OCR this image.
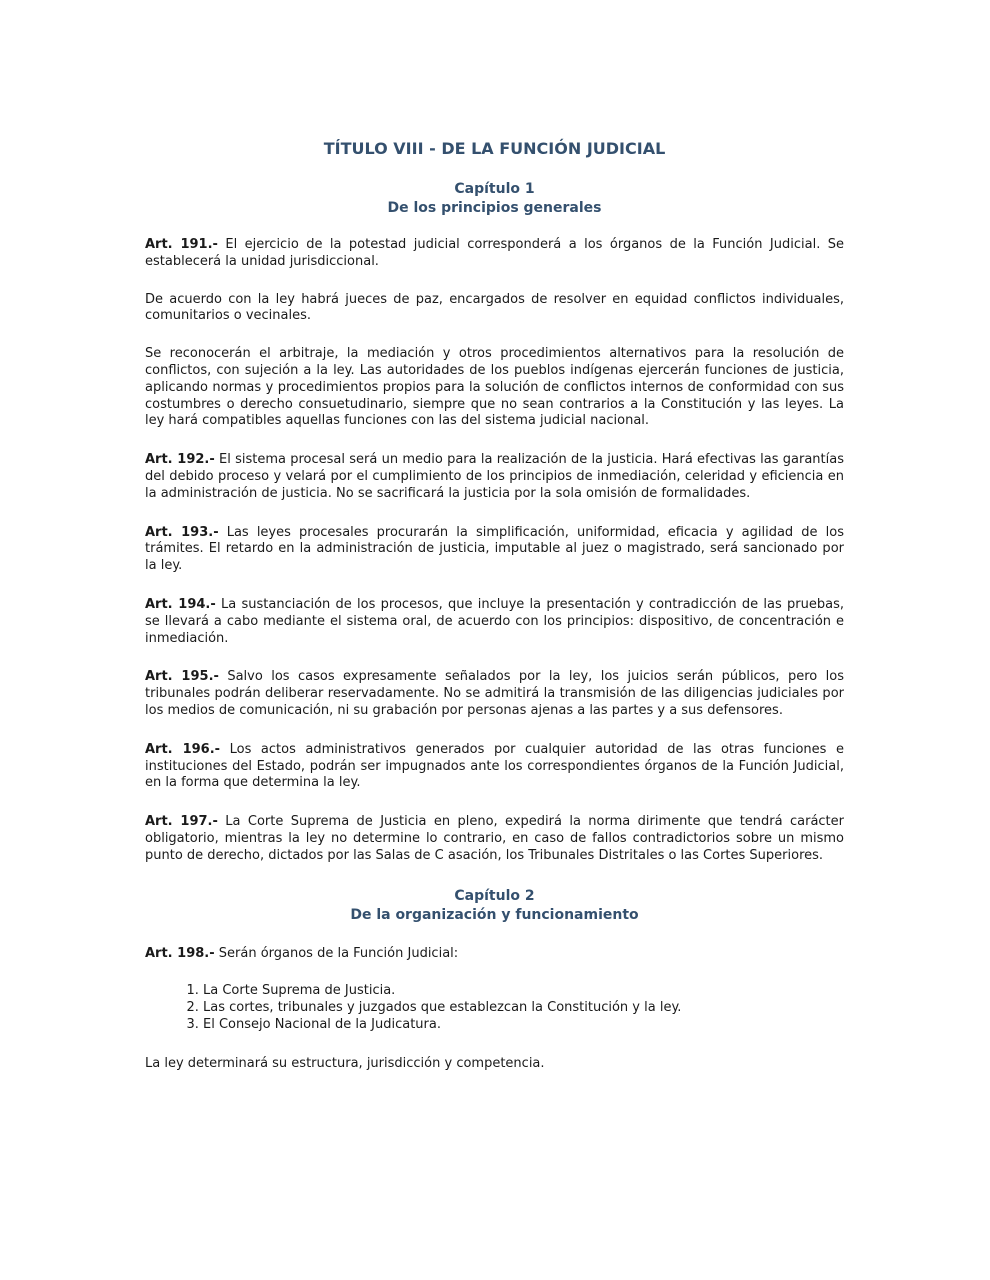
TÍTULO VIII - DE LA FUNCIÓN JUDICIAL
Capítulo 1
De los principios generales

Art. 191.- El ejercicio de la potestad judicial corresponderá a los órganos de la Función Judicial. Se establecerá la unidad jurisdiccional.

De acuerdo con la ley habrá jueces de paz, encargados de resolver en equidad conflictos individuales, comunitarios o vecinales.

Se reconocerán el arbitraje, la mediación y otros procedimientos alternativos para la resolución de conflictos, con sujeción a la ley. Las autoridades de los pueblos indígenas ejercerán funciones de justicia, aplicando normas y procedimientos propios para la solución de conflictos internos de conformidad con sus costumbres o derecho consuetudinario, siempre que no sean contrarios a la Constitución y las leyes. La ley hará compatibles aquellas funciones con las del sistema judicial nacional.

Art. 192.- El sistema procesal será un medio para la realización de la justicia. Hará efectivas las garantías del debido proceso y velará por el cumplimiento de los principios de inmediación, celeridad y eficiencia en la administración de justicia. No se sacrificará la justicia por la sola omisión de formalidades.

Art. 193.- Las leyes procesales procurarán la simplificación, uniformidad, eficacia y agilidad de los trámites. El retardo en la administración de justicia, imputable al juez o magistrado, será sancionado por la ley.

Art. 194.- La sustanciación de los procesos, que incluye la presentación y contradicción de las pruebas, se llevará a cabo mediante el sistema oral, de acuerdo con los principios: dispositivo, de concentración e inmediación.

Art. 195.- Salvo los casos expresamente señalados por la ley, los juicios serán públicos, pero los tribunales podrán deliberar reservadamente. No se admitirá la transmisión de las diligencias judiciales por los medios de comunicación, ni su grabación por personas ajenas a las partes y a sus defensores.

Art. 196.- Los actos administrativos generados por cualquier autoridad de las otras funciones e instituciones del Estado, podrán ser impugnados ante los correspondientes órganos de la Función Judicial, en la forma que determina la ley.

Art. 197.- La Corte Suprema de Justicia en pleno, expedirá la norma dirimente que tendrá carácter obligatorio, mientras la ley no determine lo contrario, en caso de fallos contradictorios sobre un mismo punto de derecho, dictados por las Salas de C asación, los Tribunales Distritales o las Cortes Superiores.

Capítulo 2
De la organización y funcionamiento

Art. 198.- Serán órganos de la Función Judicial:

1. La Corte Suprema de Justicia.
2. Las cortes, tribunales y juzgados que establezcan la Constitución y la ley.
3. El Consejo Nacional de la Judicatura.

La ley determinará su estructura, jurisdicción y competencia.
